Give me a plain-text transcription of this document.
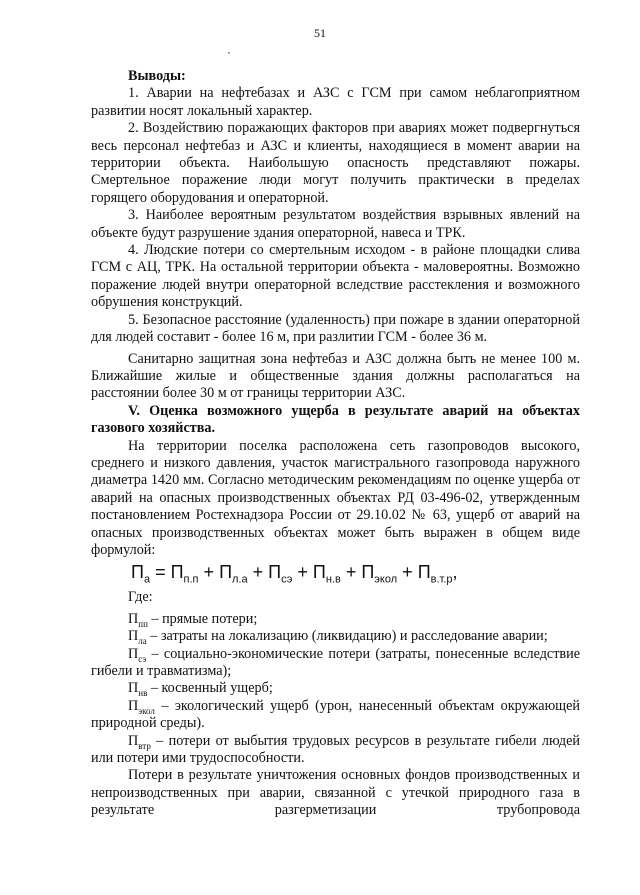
51

Выводы:

1. Аварии на нефтебазах и АЗС с ГСМ при самом неблагоприятном развитии носят локальный характер.

2. Воздействию поражающих факторов при авариях может подвергнуться весь персонал нефтебаз и АЗС и клиенты, находящиеся в момент аварии на территории объекта. Наибольшую опасность представляют пожары. Смертельное поражение люди могут получить практически в пределах горящего оборудования и операторной.

3. Наиболее вероятным результатом воздействия взрывных явлений на объекте будут разрушение здания операторной, навеса и ТРК.

4. Людские потери со смертельным исходом - в районе площадки слива ГСМ с АЦ, ТРК. На остальной территории объекта - маловероятны. Возможно поражение людей внутри операторной вследствие расстекления и возможного обрушения конструкций.

5. Безопасное расстояние (удаленность) при пожаре в здании операторной для людей составит - более 16 м, при разлитии ГСМ - более 36 м.

Санитарно защитная зона нефтебаз и АЗС должна быть не менее 100 м. Ближайшие жилые и общественные здания должны располагаться на расстоянии более 30 м от границы территории АЗС.

V. Оценка возможного ущерба в результате аварий на объектах газового хозяйства.

На территории поселка расположена сеть газопроводов высокого, среднего и низкого давления, участок магистрального газопровода наружного диаметра 1420 мм. Согласно методическим рекомендациям по оценке ущерба от аварий на опасных производственных объектах РД 03-496-02, утвержденным постановлением Ростехнадзора России от 29.10.02 № 63, ущерб от аварий на опасных производственных объектах может быть выражен в общем виде формулой:

$П_а = П_{п.п} + П_{л.а} + П_{сэ} + П_{н.в} + П_{экол} + П_{в.т.р}$,

Где:

$П_{пп}$ – прямые потери;

$П_{ла}$ – затраты на локализацию (ликвидацию) и расследование аварии;

$П_{сэ}$ – социально-экономические потери (затраты, понесенные вследствие гибели и травматизма);

$П_{нв}$ – косвенный ущерб;

$П_{экол}$ – экологический ущерб (урон, нанесенный объектам окружающей природной среды).

$П_{втр}$ – потери от выбытия трудовых ресурсов в результате гибели людей или потери ими трудоспособности.

Потери в результате уничтожения основных фондов производственных и непроизводственных при аварии, связанной с утечкой природного газа в результате разгерметизации трубопровода
